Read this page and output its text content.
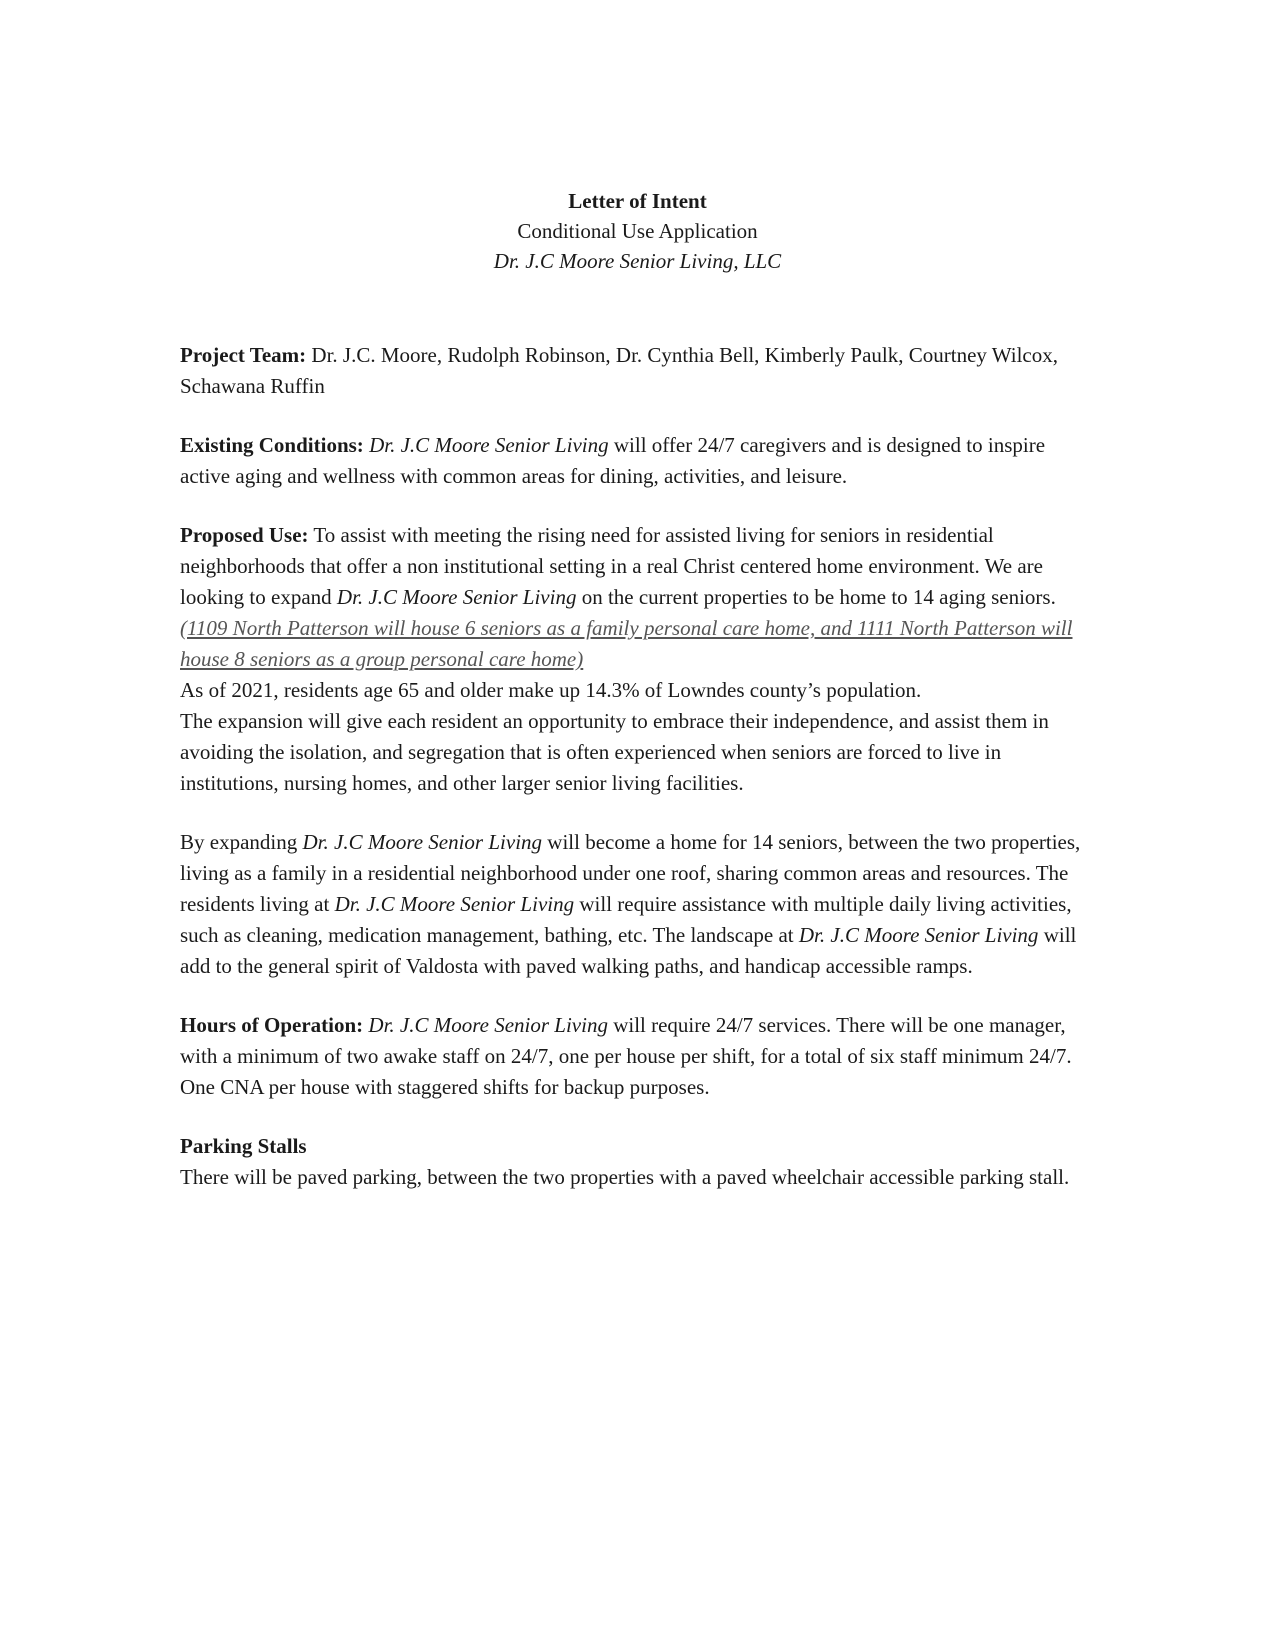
Letter of Intent
Conditional Use Application
Dr. J.C Moore Senior Living, LLC

Project Team: Dr. J.C. Moore, Rudolph Robinson, Dr. Cynthia Bell, Kimberly Paulk, Courtney Wilcox, Schawana Ruffin

Existing Conditions: Dr. J.C Moore Senior Living will offer 24/7 caregivers and is designed to inspire active aging and wellness with common areas for dining, activities, and leisure.

Proposed Use: To assist with meeting the rising need for assisted living for seniors in residential neighborhoods that offer a non institutional setting in a real Christ centered home environment. We are looking to expand Dr. J.C Moore Senior Living on the current properties to be home to 14 aging seniors. (1109 North Patterson will house 6 seniors as a family personal care home, and 1111 North Patterson will house 8 seniors as a group personal care home)
As of 2021, residents age 65 and older make up 14.3% of Lowndes county’s population.
The expansion will give each resident an opportunity to embrace their independence, and assist them in avoiding the isolation, and segregation that is often experienced when seniors are forced to live in institutions, nursing homes, and other larger senior living facilities.

By expanding Dr. J.C Moore Senior Living will become a home for 14 seniors, between the two properties, living as a family in a residential neighborhood under one roof, sharing common areas and resources. The residents living at Dr. J.C Moore Senior Living will require assistance with multiple daily living activities, such as cleaning, medication management, bathing, etc. The landscape at Dr. J.C Moore Senior Living will add to the general spirit of Valdosta with paved walking paths, and handicap accessible ramps.

Hours of Operation: Dr. J.C Moore Senior Living will require 24/7 services. There will be one manager, with a minimum of two awake staff on 24/7, one per house per shift, for a total of six staff minimum 24/7. One CNA per house with staggered shifts for backup purposes.

Parking Stalls
There will be paved parking, between the two properties with a paved wheelchair accessible parking stall.
